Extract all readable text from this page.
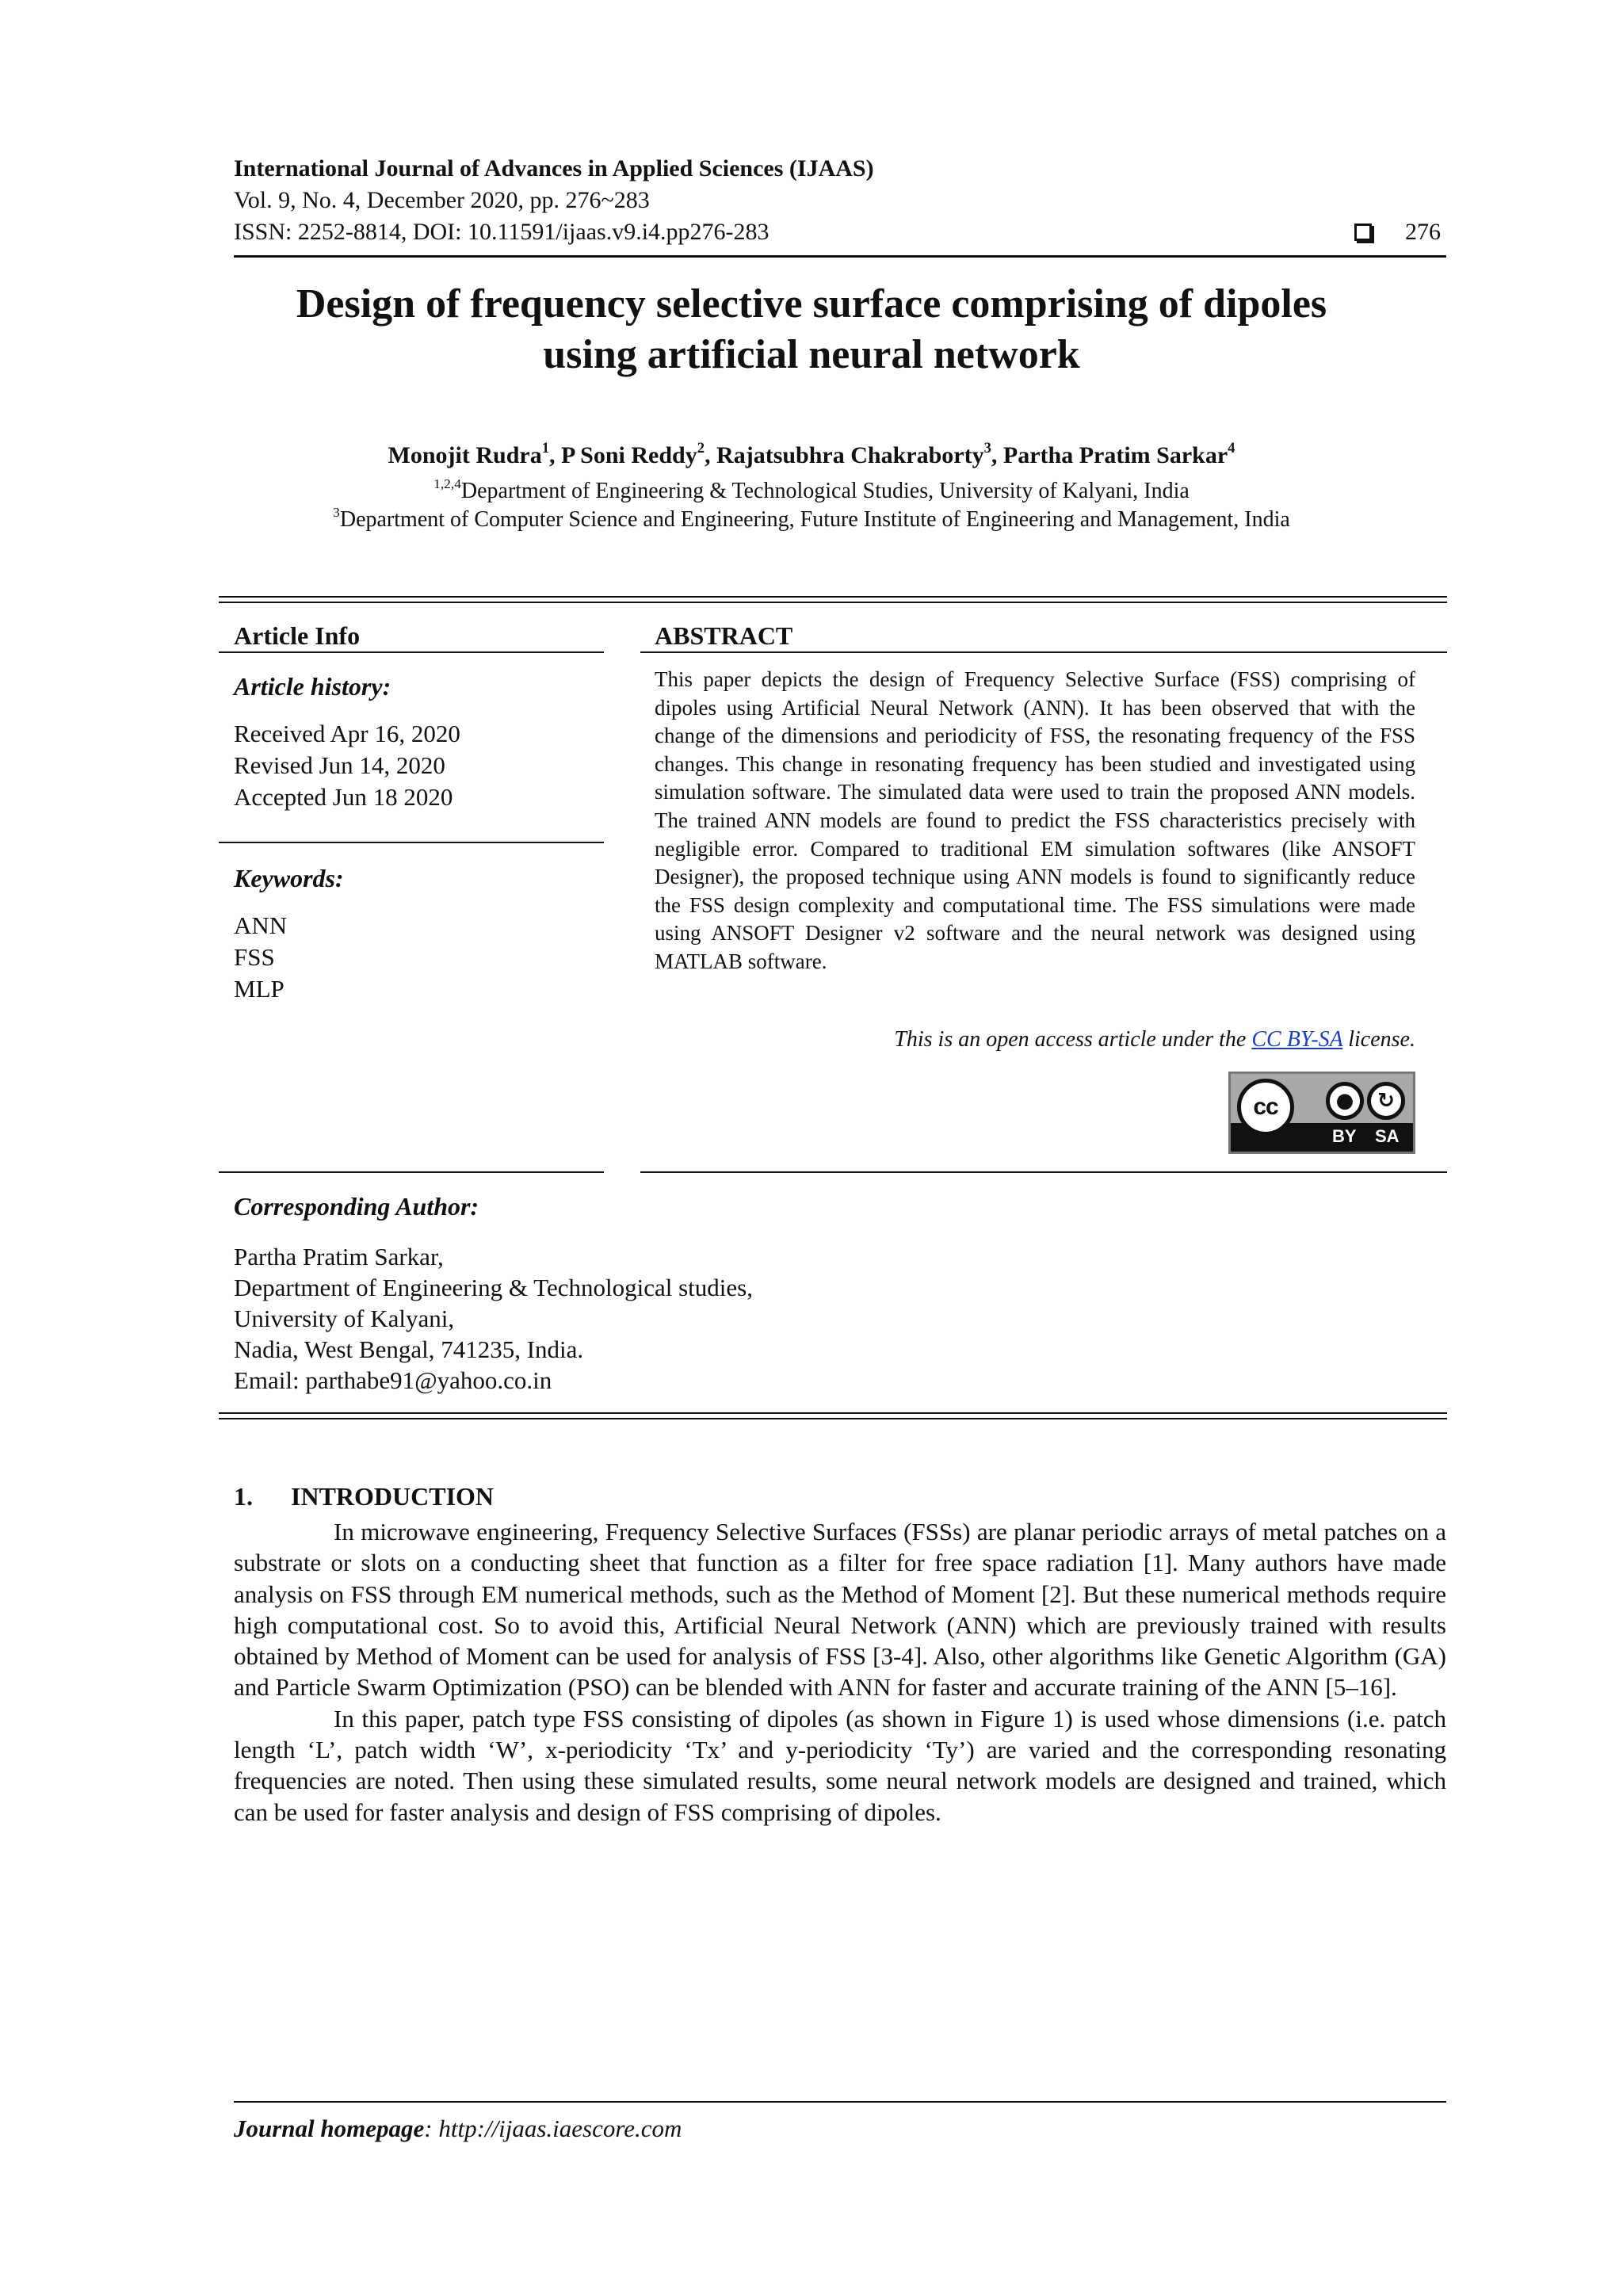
International Journal of Advances in Applied Sciences (IJAAS)
Vol. 9, No. 4, December 2020, pp. 276~283
ISSN: 2252-8814, DOI: 10.11591/ijaas.v9.i4.pp276-283	276
Design of frequency selective surface comprising of dipoles
using artificial neural network
Monojit Rudra$^1$, P Soni Reddy$^2$, Rajatsubhra Chakraborty$^3$, Partha Pratim Sarkar$^4$
$^{1,2,4}$Department of Engineering & Technological Studies, University of Kalyani, India
$^3$Department of Computer Science and Engineering, Future Institute of Engineering and Management, India
Article Info
Article history:
Received Apr 16, 2020
Revised Jun 14, 2020
Accepted Jun 18 2020
Keywords:
ANN
FSS
MLP
ABSTRACT
This paper depicts the design of Frequency Selective Surface (FSS) comprising of dipoles using Artificial Neural Network (ANN). It has been observed that with the change of the dimensions and periodicity of FSS, the resonating frequency of the FSS changes. This change in resonating frequency has been studied and investigated using simulation software. The simulated data were used to train the proposed ANN models. The trained ANN models are found to predict the FSS characteristics precisely with negligible error. Compared to traditional EM simulation softwares (like ANSOFT Designer), the proposed technique using ANN models is found to significantly reduce the FSS design complexity and computational time. The FSS simulations were made using ANSOFT Designer v2 software and the neural network was designed using MATLAB software.
This is an open access article under the CC BY-SA license.
cc	●	↻
BY SA
Corresponding Author:
Partha Pratim Sarkar,
Department of Engineering & Technological studies,
University of Kalyani,
Nadia, West Bengal, 741235, India.
Email: parthabe91@yahoo.co.in
1. INTRODUCTION

In microwave engineering, Frequency Selective Surfaces (FSSs) are planar periodic arrays of metal patches on a substrate or slots on a conducting sheet that function as a filter for free space radiation [1]. Many authors have made analysis on FSS through EM numerical methods, such as the Method of Moment [2]. But these numerical methods require high computational cost. So to avoid this, Artificial Neural Network (ANN) which are previously trained with results obtained by Method of Moment can be used for analysis of FSS [3-4]. Also, other algorithms like Genetic Algorithm (GA) and Particle Swarm Optimization (PSO) can be blended with ANN for faster and accurate training of the ANN [5–16].

In this paper, patch type FSS consisting of dipoles (as shown in Figure 1) is used whose dimensions (i.e. patch length ‘L’, patch width ‘W’, x-periodicity ‘Tx’ and y-periodicity ‘Ty’) are varied and the corresponding resonating frequencies are noted. Then using these simulated results, some neural network models are designed and trained, which can be used for faster analysis and design of FSS comprising of dipoles.

Journal homepage: http://ijaas.iaescore.com
